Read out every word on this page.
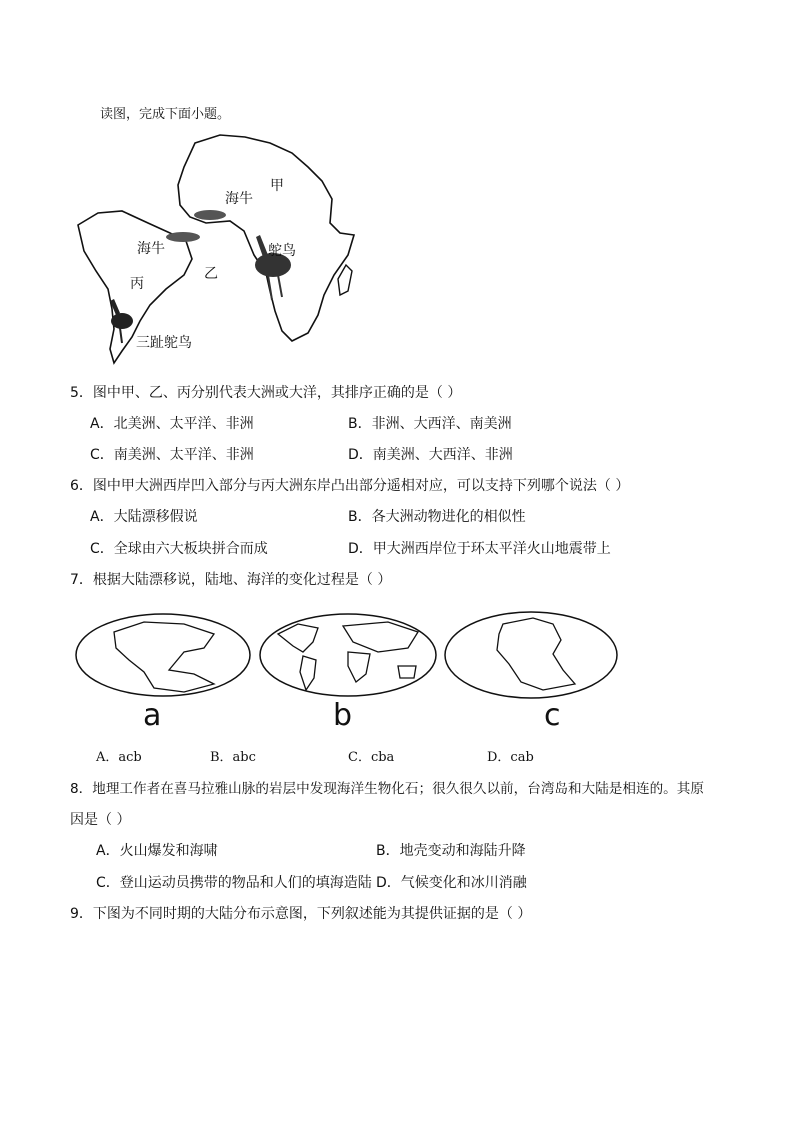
读图，完成下面小题。
甲
海牛
海牛	鸵鸟
乙
丙
三趾鸵鸟
5．图中甲、乙、丙分别代表大洲或大洋，其排序正确的是（ ）
A．北美洲、太平洋、非洲	B．非洲、大西洋、南美洲
C．南美洲、太平洋、非洲	D．南美洲、大西洋、非洲
6．图中甲大洲西岸凹入部分与丙大洲东岸凸出部分遥相对应，可以支持下列哪个说法（ ）
A．大陆漂移假说	B．各大洲动物进化的相似性
C．全球由六大板块拼合而成	D．甲大洲西岸位于环太平洋火山地震带上
7．根据大陆漂移说，陆地、海洋的变化过程是（ ）
a	b	c
A．acb	B．abc	C．cba	D．cab
8．地理工作者在喜马拉雅山脉的岩层中发现海洋生物化石；很久很久以前，台湾岛和大陆是相连的。其原
因是（ ）
A．火山爆发和海啸	B．地壳变动和海陆升降
C．登山运动员携带的物品和人们的填海造陆 D．气候变化和冰川消融
9．下图为不同时期的大陆分布示意图，下列叙述能为其提供证据的是（ ）
